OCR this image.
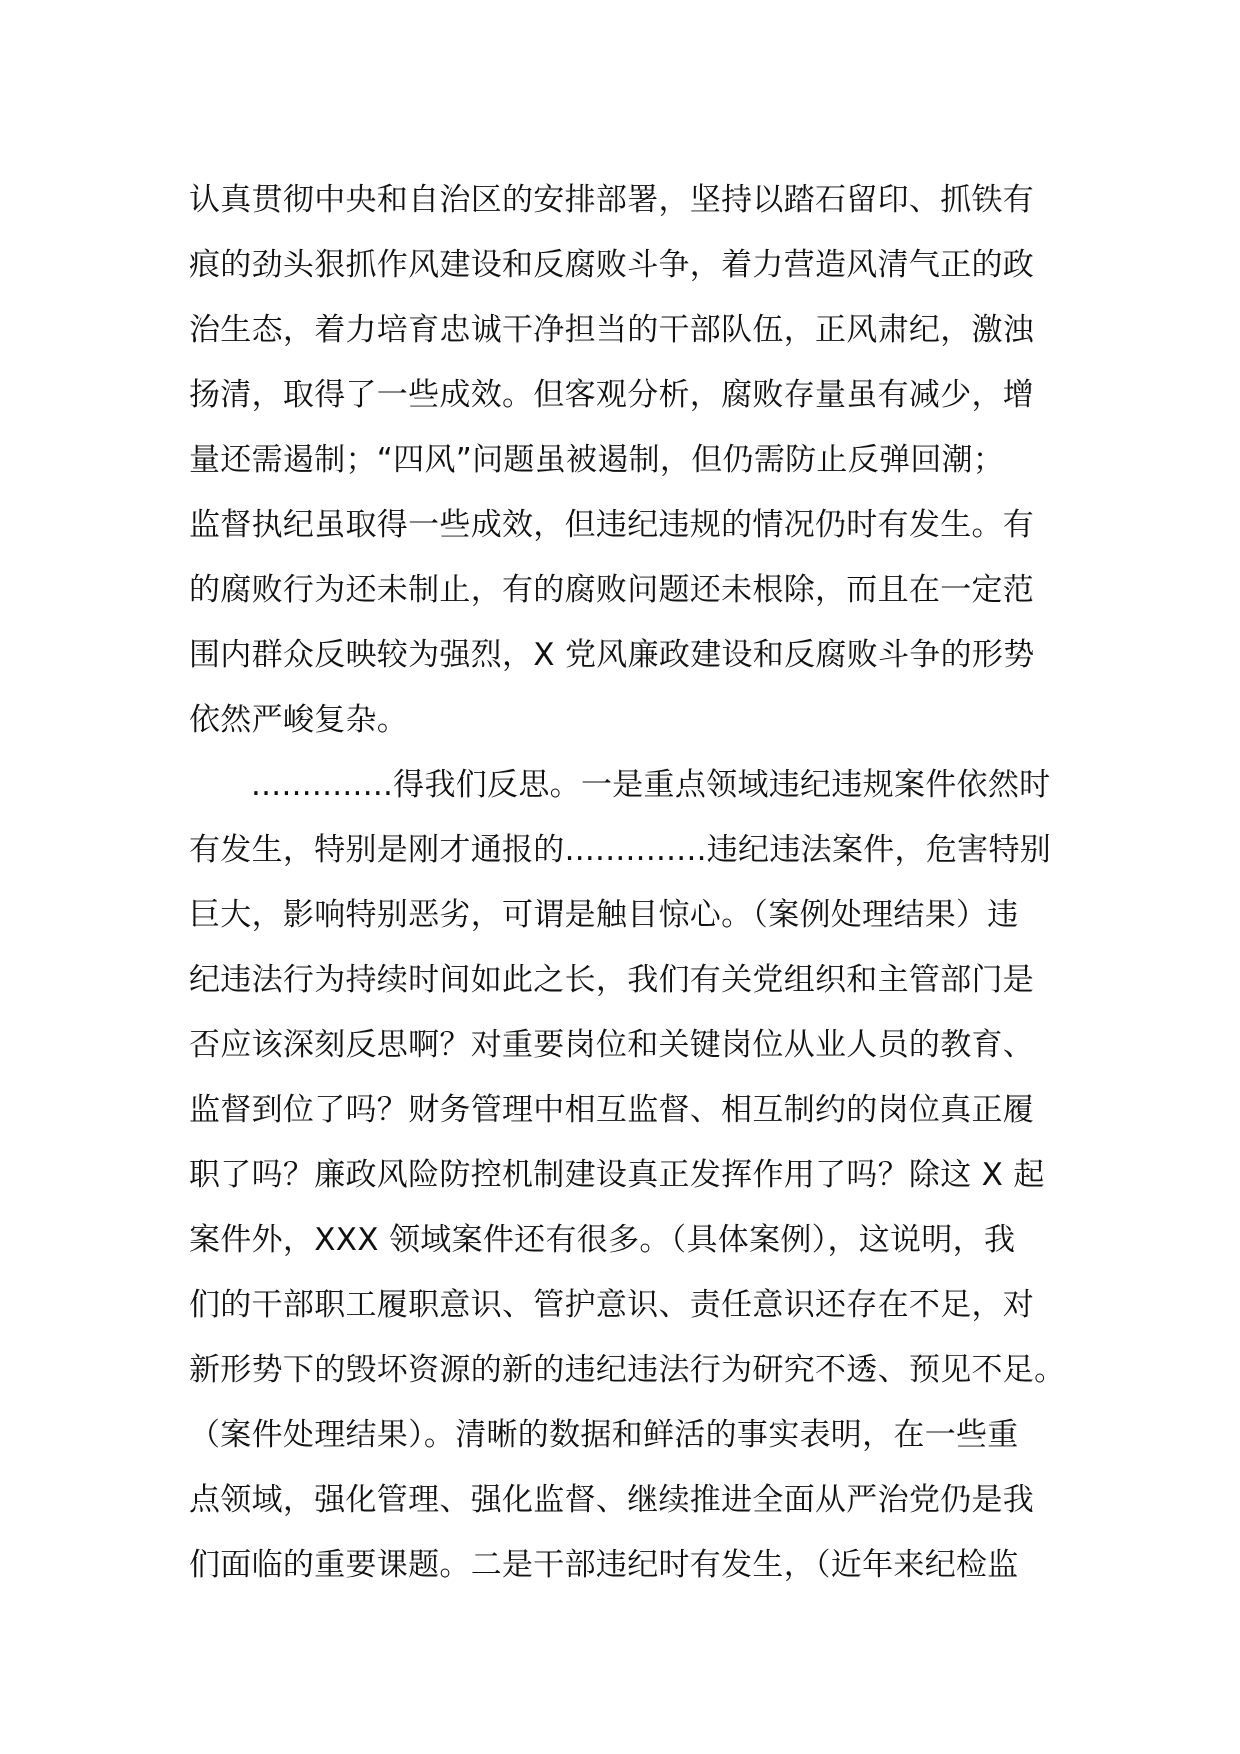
认真贯彻中央和自治区的安排部署，坚持以踏石留印、抓铁有
痕的劲头狠抓作风建设和反腐败斗争，着力营造风清气正的政
治生态，着力培育忠诚干净担当的干部队伍，正风肃纪，激浊
扬清，取得了一些成效。但客观分析，腐败存量虽有减少，增
量还需遏制；“四风”问题虽被遏制，但仍需防止反弹回潮；
监督执纪虽取得一些成效，但违纪违规的情况仍时有发生。有
的腐败行为还未制止，有的腐败问题还未根除，而且在一定范
围内群众反映较为强烈，X 党风廉政建设和反腐败斗争的形势
依然严峻复杂。
..............得我们反思。一是重点领域违纪违规案件依然时
有发生，特别是刚才通报的..............违纪违法案件，危害特别
巨大，影响特别恶劣，可谓是触目惊心。（案例处理结果）违
纪违法行为持续时间如此之长，我们有关党组织和主管部门是
否应该深刻反思啊？对重要岗位和关键岗位从业人员的教育、
监督到位了吗？财务管理中相互监督、相互制约的岗位真正履
职了吗？廉政风险防控机制建设真正发挥作用了吗？除这 X 起
案件外，XXX 领域案件还有很多。（具体案例），这说明，我
们的干部职工履职意识、管护意识、责任意识还存在不足，对
新形势下的毁坏资源的新的违纪违法行为研究不透、预见不足。
（案件处理结果）。清晰的数据和鲜活的事实表明，在一些重
点领域，强化管理、强化监督、继续推进全面从严治党仍是我
们面临的重要课题。二是干部违纪时有发生，（近年来纪检监
